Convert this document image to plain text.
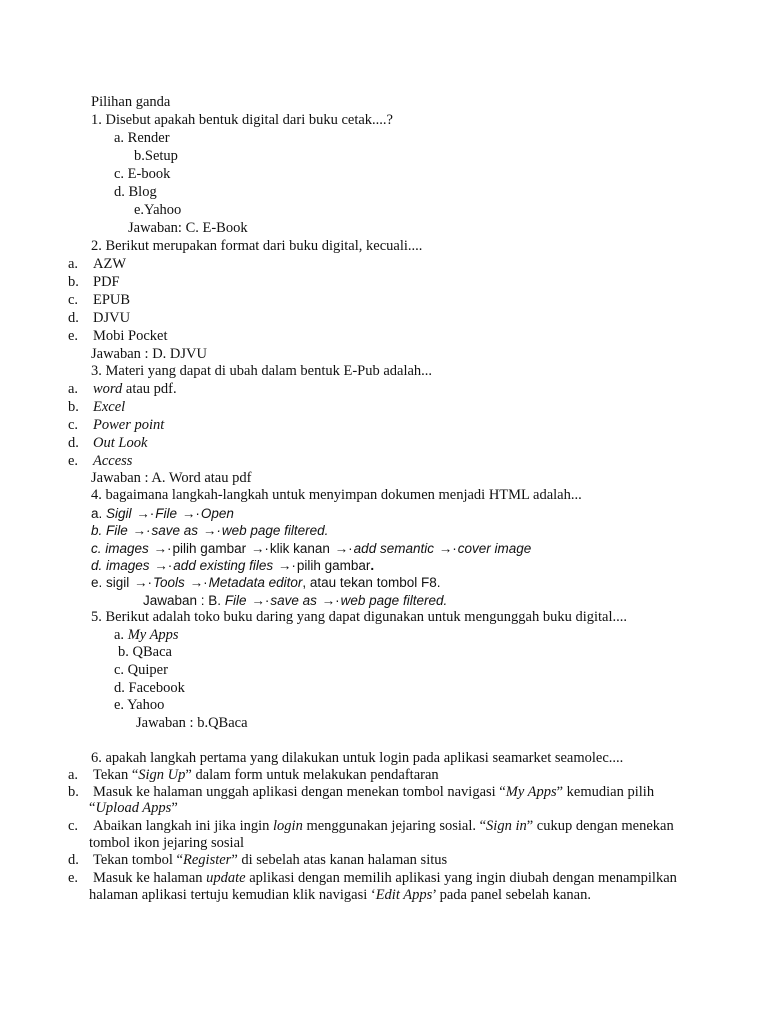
Pilihan ganda
1. Disebut apakah bentuk digital dari buku cetak....?
a. Render
b.Setup
c. E-book
d. Blog
e.Yahoo
Jawaban: C. E-Book
2. Berikut merupakan format dari buku digital, kecuali....
a. AZW
b. PDF
c. EPUB
d. DJVU
e. Mobi Pocket
Jawaban : D. DJVU
3. Materi yang dapat di ubah dalam bentuk E-Pub adalah...
a. word atau pdf.
b. Excel
c. Power point
d. Out Look
e. Access
Jawaban : A. Word atau pdf
4. bagaimana langkah-langkah untuk menyimpan dokumen menjadi HTML adalah...
a. Sigil →·File →·Open
b. File →·save as →·web page filtered.
c. images →·pilih gambar →·klik kanan →·add semantic →·cover image
d. images →·add existing files →·pilih gambar.
e. sigil →·Tools →·Metadata editor, atau tekan tombol F8.
Jawaban : B. File →·save as →·web page filtered.
5. Berikut adalah toko buku daring yang dapat digunakan untuk mengunggah buku digital....
a. My Apps
b. QBaca
c. Quiper
d. Facebook
e. Yahoo
Jawaban : b.QBaca
6. apakah langkah pertama yang dilakukan untuk login pada aplikasi seamarket seamolec....
a. Tekan “Sign Up” dalam form untuk melakukan pendaftaran
b. Masuk ke halaman unggah aplikasi dengan menekan tombol navigasi “My Apps” kemudian pilih
“Upload Apps”
c. Abaikan langkah ini jika ingin login menggunakan jejaring sosial. “Sign in” cukup dengan menekan
tombol ikon jejaring sosial
d. Tekan tombol “Register” di sebelah atas kanan halaman situs
e. Masuk ke halaman update aplikasi dengan memilih aplikasi yang ingin diubah dengan menampilkan
halaman aplikasi tertuju kemudian klik navigasi ‘Edit Apps’ pada panel sebelah kanan.
